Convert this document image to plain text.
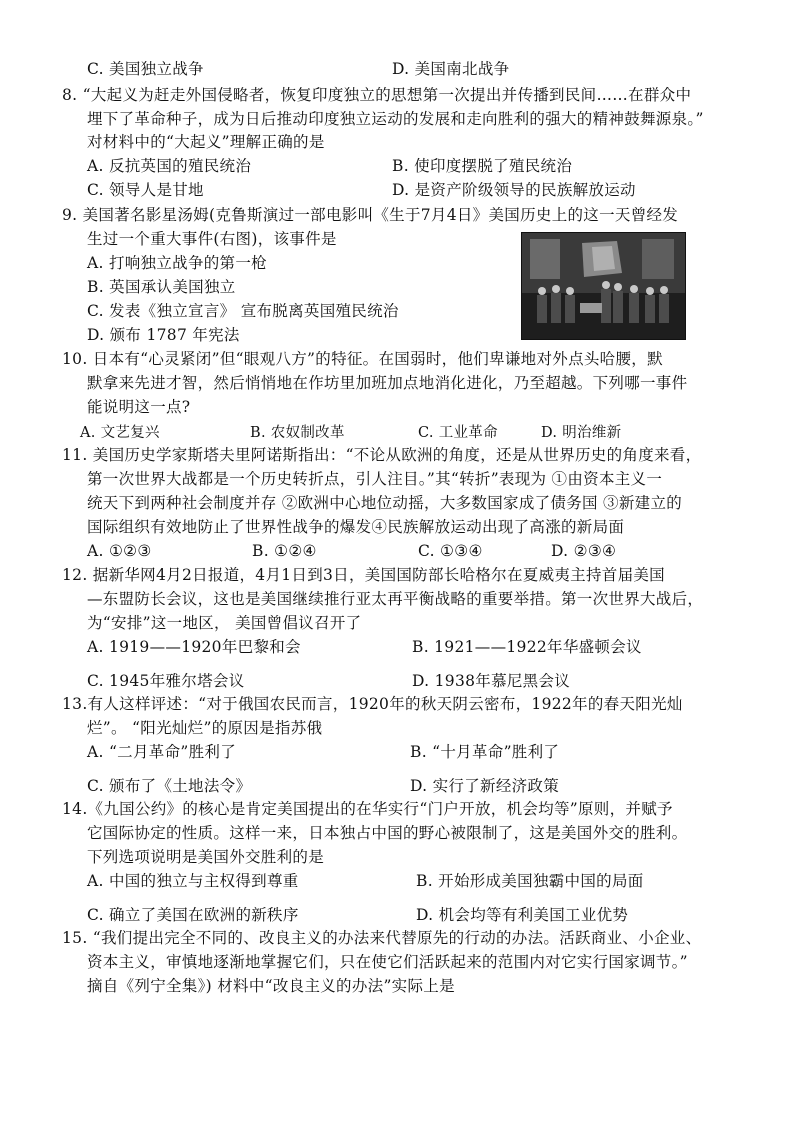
C. 美国独立战争	D. 美国南北战争
8. “大起义为赶走外国侵略者，恢复印度独立的思想第一次提出并传播到民间……在群众中
埋下了革命种子，成为日后推动印度独立运动的发展和走向胜利的强大的精神鼓舞源泉。”
对材料中的“大起义”理解正确的是
A. 反抗英国的殖民统治	B. 使印度摆脱了殖民统治
C. 领导人是甘地	D. 是资产阶级领导的民族解放运动
9. 美国著名影星汤姆(克鲁斯演过一部电影叫《生于7月4日》美国历史上的这一天曾经发
生过一个重大事件(右图)，该事件是
A. 打响独立战争的第一枪
B. 英国承认美国独立
C. 发表《独立宣言》 宣布脱离英国殖民统治
D. 颁布 1787 年宪法
10. 日本有“心灵紧闭”但“眼观八方”的特征。在国弱时，他们卑谦地对外点头哈腰，默
默拿来先进才智，然后悄悄地在作坊里加班加点地消化进化，乃至超越。下列哪一事件
能说明这一点?
A. 文艺复兴	B. 农奴制改革	C. 工业革命	D. 明治维新
11. 美国历史学家斯塔夫里阿诺斯指出：“不论从欧洲的角度，还是从世界历史的角度来看，
第一次世界大战都是一个历史转折点，引人注目。”其“转折”表现为 ①由资本主义一
统天下到两种社会制度并存 ②欧洲中心地位动摇，大多数国家成了债务国 ③新建立的
国际组织有效地防止了世界性战争的爆发④民族解放运动出现了高涨的新局面
A. ①②③	B. ①②④	C. ①③④	D. ②③④
12. 据新华网4月2日报道，4月1日到3日，美国国防部长哈格尔在夏威夷主持首届美国
—东盟防长会议，这也是美国继续推行亚太再平衡战略的重要举措。第一次世界大战后，
为“安排”这一地区， 美国曾倡议召开了
A. 1919——1920年巴黎和会	B. 1921——1922年华盛顿会议
C. 1945年雅尔塔会议	D. 1938年慕尼黑会议
13.有人这样评述：“对于俄国农民而言，1920年的秋天阴云密布，1922年的春天阳光灿
烂”。 “阳光灿烂”的原因是指苏俄
A. “二月革命”胜利了	B. “十月革命”胜利了
C. 颁布了《土地法令》	D. 实行了新经济政策
14.《九国公约》的核心是肯定美国提出的在华实行“门户开放，机会均等”原则，并赋予
它国际协定的性质。这样一来，日本独占中国的野心被限制了，这是美国外交的胜利。
下列选项说明是美国外交胜利的是
A. 中国的独立与主权得到尊重	B. 开始形成美国独霸中国的局面
C. 确立了美国在欧洲的新秩序	D. 机会均等有利美国工业优势
15. “我们提出完全不同的、改良主义的办法来代替原先的行动的办法。活跃商业、小企业、
资本主义，审慎地逐渐地掌握它们，只在使它们活跃起来的范围内对它实行国家调节。”
摘自《列宁全集》) 材料中“改良主义的办法”实际上是
